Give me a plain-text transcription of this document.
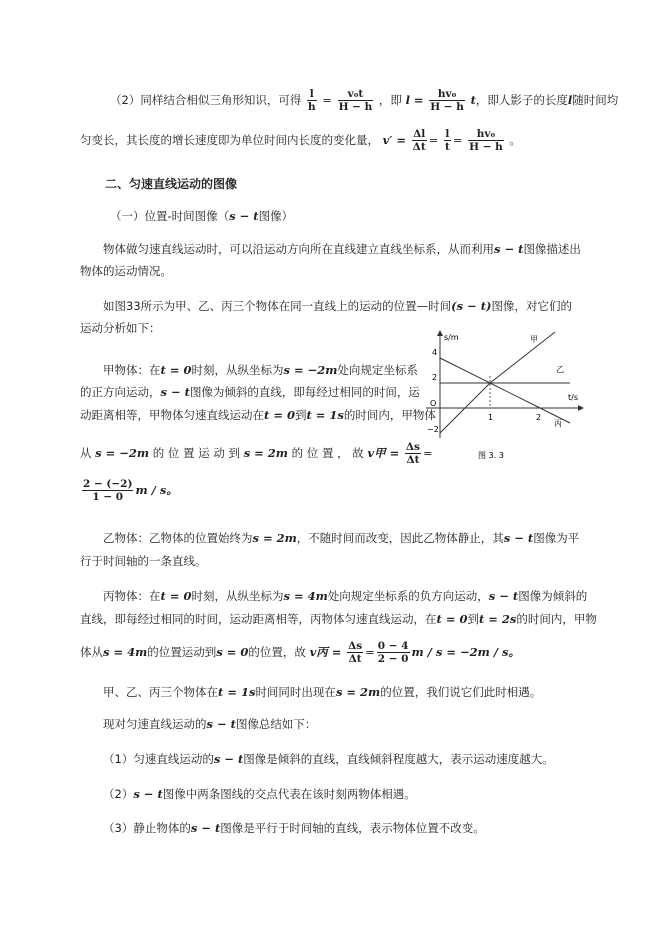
（2）同样结合相似三角形知识，可得 $\frac{l}{h} = \frac{\text{v₀t}}{H - h}$ ，即 $l = \frac{\text{hv₀}}{H - h}$ t，即人影子的长度l随时间均
匀变长，其长度的增长速度即为单位时间内长度的变化量， $v' = \frac{\Delta l}{\Delta t} = \frac{l}{t} = \frac{\text{hv₀}}{H - h}$ 。
二、匀速直线运动的图像
（一）位置-时间图像（s − t图像）
物体做匀速直线运动时，可以沿运动方向所在直线建立直线坐标系，从而利用s − t图像描述出
物体的运动情况。
如图33所示为甲、乙、丙三个物体在同一直线上的运动的位置—时间(s − t)图像，对它们的
运动分析如下：
甲物体：在t = 0时刻，从纵坐标为s = −2m处向规定坐标系
的正方向运动，s − t图像为倾斜的直线，即每经过相同的时间，运
动距离相等，甲物体匀速直线运动在t = 0到t = 1s的时间内，甲物体
从 s = −2m 的 位 置 运 动 到 s = 2m 的 位 置 ， 故 v甲 = $\frac{\Delta s}{\Delta t}$ =
$\frac{2 - (-2)}{1 - 0}$ m / s。
s/m
t/s
O
4
2
−2
1	2
甲
乙
丙
图 3. 3
乙物体：乙物体的位置始终为s = 2m，不随时间而改变，因此乙物体静止，其s − t图像为平
行于时间轴的一条直线。
丙物体：在t = 0时刻，从纵坐标为s = 4m处向规定坐标系的负方向运动，s − t图像为倾斜的
直线，即每经过相同的时间，运动距离相等，丙物体匀速直线运动，在t = 0到t = 2s的时间内，甲物
体从s = 4m的位置运动到s = 0的位置，故 v丙 = $\frac{\Delta s}{\Delta t} = \frac{0 - 4}{2 - 0}$ m / s = −2m / s。
甲、乙、丙三个物体在t = 1s时间同时出现在s = 2m的位置，我们说它们此时相遇。
现对匀速直线运动的s − t图像总结如下：
（1）匀速直线运动的s − t图像是倾斜的直线，直线倾斜程度越大，表示运动速度越大。
（2）s − t图像中两条图线的交点代表在该时刻两物体相遇。
（3）静止物体的s − t图像是平行于时间轴的直线，表示物体位置不改变。
